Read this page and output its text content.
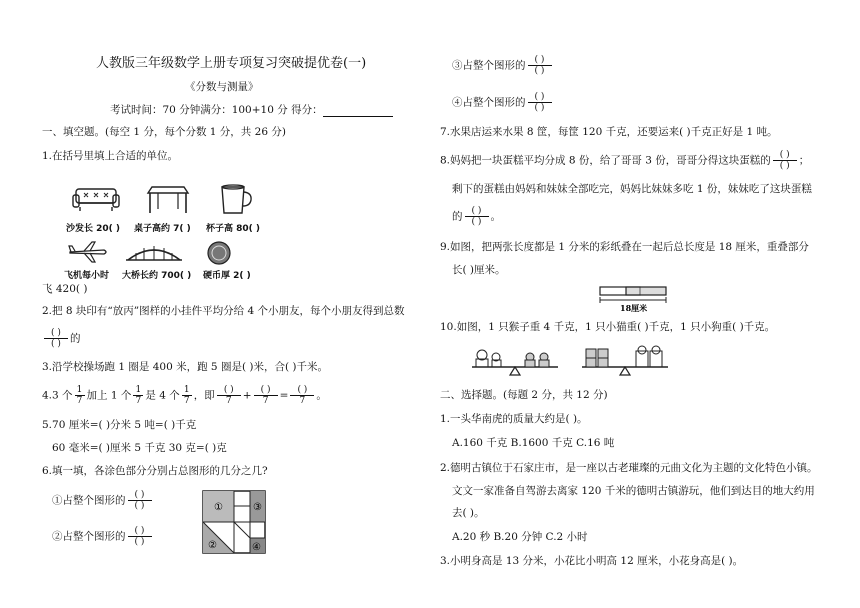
人教版三年级数学上册专项复习突破提优卷(一)
《分数与测量》
考试时间：70 分钟满分：100+10 分 得分：
一、填空题。(每空 1 分，每个分数 1 分，共 26 分)
1.在括号里填上合适的单位。
沙发长 20( ) 桌子高约 7( ) 杯子高 80( )
飞机每小时 大桥长约 700( ) 硬币厚 2( )
飞 420( )
2.把 8 块印有“放丙”图样的小挂件平均分给 4 个小朋友，每个小朋友得到总数
$\frac{( )}{( )}$ 的
3.沿学校操场跑 1 圈是 400 米，跑 5 圈是( )米，合( )千米。
4.3 个 $\frac{1}{7}$ 加上 1 个 $\frac{1}{7}$ 是 4 个 $\frac{1}{7}$ ，即 $\frac{( )}{7} + \frac{( )}{7} = \frac{( )}{7}$ 。
5.70 厘米=( )分米 5 吨=( )千克
60 毫米=( )厘米 5 千克 30 克=( )克
6.填一填，各涂色部分分别占总图形的几分之几?
①占整个图形的 $\frac{( )}{( )}$
②占整个图形的 $\frac{( )}{( )}$
①	③
②	④
③占整个图形的 $\frac{( )}{( )}$
④占整个图形的 $\frac{( )}{( )}$
7.水果店运来水果 8 筐，每筐 120 千克，还要运来( )千克正好是 1 吨。
8.妈妈把一块蛋糕平均分成 8 份，给了哥哥 3 份，哥哥分得这块蛋糕的 $\frac{( )}{( )}$ ；
剩下的蛋糕由妈妈和妹妹全部吃完，妈妈比妹妹多吃 1 份，妹妹吃了这块蛋糕
的 $\frac{( )}{( )}$ 。
9.如图，把两张长度都是 1 分米的彩纸叠在一起后总长度是 18 厘米，重叠部分
长( )厘米。
18厘米
10.如图，1 只猴子重 4 千克，1 只小猫重( )千克，1 只小狗重( )千克。
二、选择题。(每题 2 分，共 12 分)
1.一头华南虎的质量大约是( )。
A.160 千克 B.1600 千克 C.16 吨
2.德明古镇位于石家庄市，是一座以古老璀璨的元曲文化为主题的文化特色小镇。
文文一家准备自驾游去离家 120 千米的德明古镇游玩，他们到达目的地大约用
去( )。
A.20 秒 B.20 分钟 C.2 小时
3.小明身高是 13 分米，小花比小明高 12 厘米，小花身高是( )。
